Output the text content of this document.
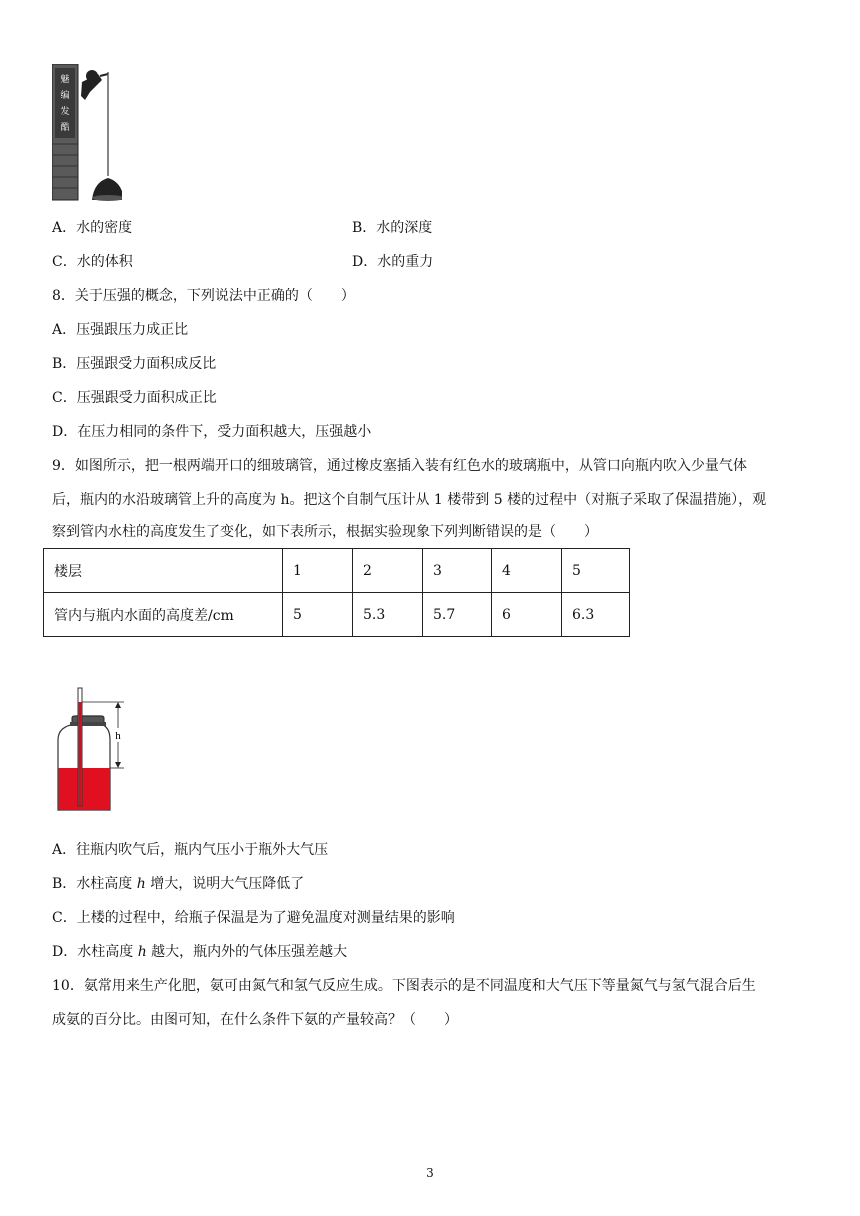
魅
编
发
酷
A．水的密度	B．水的深度
C．水的体积	D．水的重力
8．关于压强的概念，下列说法中正确的（　　）
A．压强跟压力成正比
B．压强跟受力面积成反比
C．压强跟受力面积成正比
D．在压力相同的条件下，受力面积越大，压强越小
9．如图所示，把一根两端开口的细玻璃管，通过橡皮塞插入装有红色水的玻璃瓶中，从管口向瓶内吹入少量气体
后，瓶内的水沿玻璃管上升的高度为 h。把这个自制气压计从 1 楼带到 5 楼的过程中（对瓶子采取了保温措施），观
察到管内水柱的高度发生了变化，如下表所示，根据实验现象下列判断错误的是（　　）
楼层	1	2	3	4	5
管内与瓶内水面的高度差/cm	5	5.3	5.7	6	6.3
h
A．往瓶内吹气后，瓶内气压小于瓶外大气压
B．水柱高度 h 增大，说明大气压降低了
C．上楼的过程中，给瓶子保温是为了避免温度对测量结果的影响
D．水柱高度 h 越大，瓶内外的气体压强差越大
10．氨常用来生产化肥，氨可由氮气和氢气反应生成。下图表示的是不同温度和大气压下等量氮气与氢气混合后生
成氨的百分比。由图可知，在什么条件下氨的产量较高？（　　）
3
